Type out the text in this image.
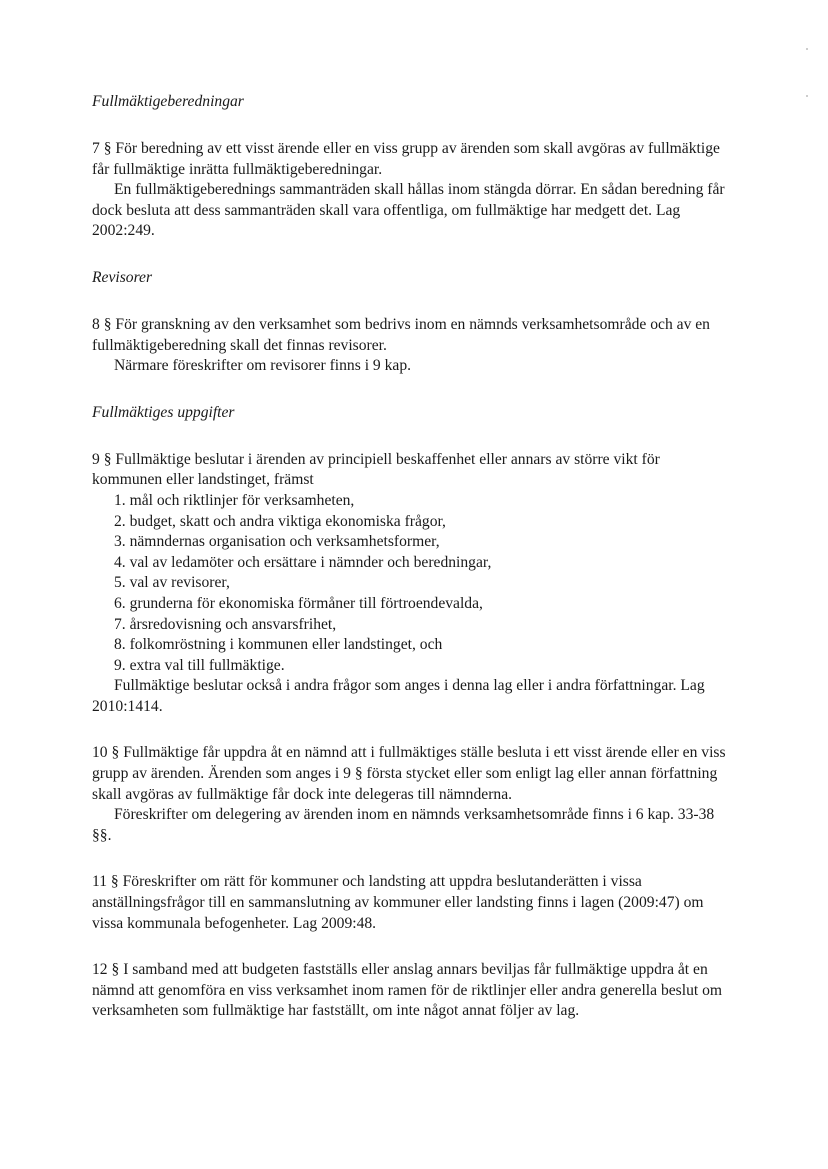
Fullmäktigeberedningar

7 § För beredning av ett visst ärende eller en viss grupp av ärenden som skall avgöras av fullmäktige får fullmäktige inrätta fullmäktigeberedningar.

En fullmäktigeberednings sammanträden skall hållas inom stängda dörrar. En sådan beredning får dock besluta att dess sammanträden skall vara offentliga, om fullmäktige har medgett det. Lag 2002:249.

Revisorer

8 § För granskning av den verksamhet som bedrivs inom en nämnds verksamhetsområde och av en fullmäktigeberedning skall det finnas revisorer.

Närmare föreskrifter om revisorer finns i 9 kap.

Fullmäktiges uppgifter

9 § Fullmäktige beslutar i ärenden av principiell beskaffenhet eller annars av större vikt för kommunen eller landstinget, främst

1. mål och riktlinjer för verksamheten,
2. budget, skatt och andra viktiga ekonomiska frågor,
3. nämndernas organisation och verksamhetsformer,
4. val av ledamöter och ersättare i nämnder och beredningar,
5. val av revisorer,
6. grunderna för ekonomiska förmåner till förtroendevalda,
7. årsredovisning och ansvarsfrihet,
8. folkomröstning i kommunen eller landstinget, och
9. extra val till fullmäktige.

Fullmäktige beslutar också i andra frågor som anges i denna lag eller i andra författningar. Lag 2010:1414.

10 § Fullmäktige får uppdra åt en nämnd att i fullmäktiges ställe besluta i ett visst ärende eller en viss grupp av ärenden. Ärenden som anges i 9 § första stycket eller som enligt lag eller annan författning skall avgöras av fullmäktige får dock inte delegeras till nämnderna.

Föreskrifter om delegering av ärenden inom en nämnds verksamhetsområde finns i 6 kap. 33-38 §§.

11 § Föreskrifter om rätt för kommuner och landsting att uppdra beslutanderätten i vissa anställningsfrågor till en sammanslutning av kommuner eller landsting finns i lagen (2009:47) om vissa kommunala befogenheter. Lag 2009:48.

12 § I samband med att budgeten fastställs eller anslag annars beviljas får fullmäktige uppdra åt en nämnd att genomföra en viss verksamhet inom ramen för de riktlinjer eller andra generella beslut om verksamheten som fullmäktige har fastställt, om inte något annat följer av lag.
